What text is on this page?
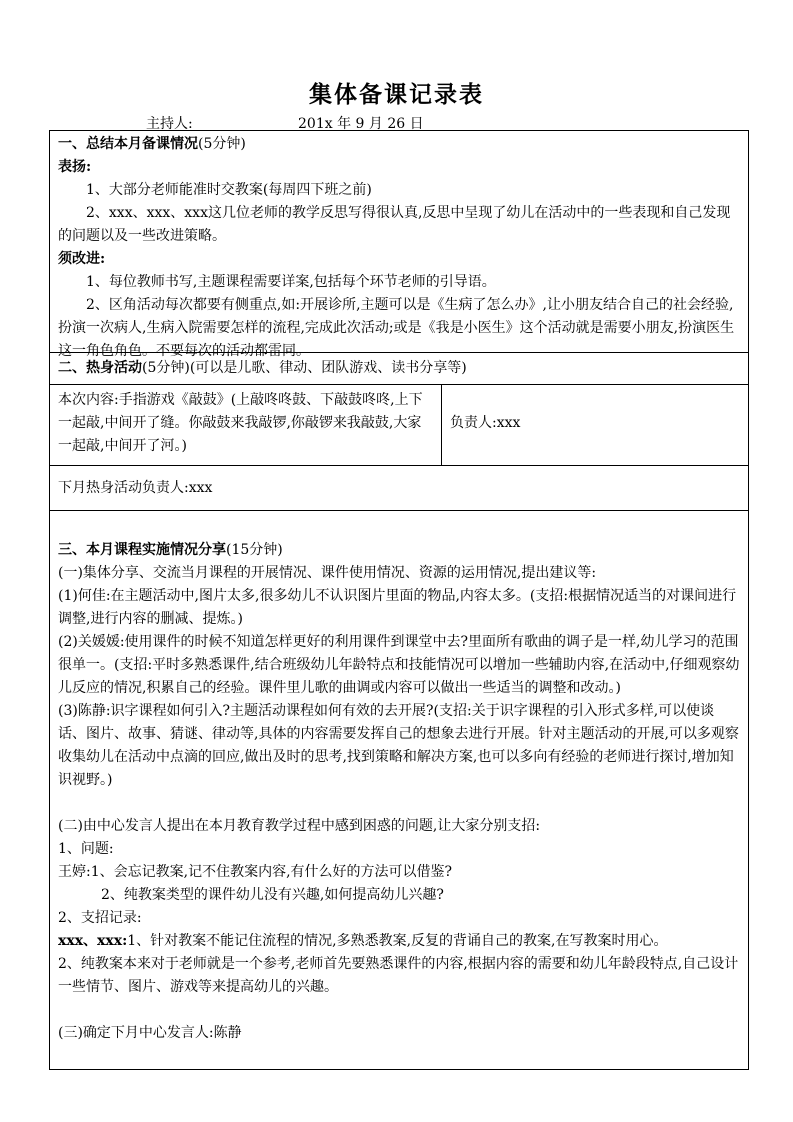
集体备课记录表
主持人:	201x 年 9 月 26 日

一、总结本月备课情况(5分钟)

表扬:

1、大部分老师能准时交教案(每周四下班之前)

2、xxx、xxx、xxx这几位老师的教学反思写得很认真,反思中呈现了幼儿在活动中的一些表现和自己发现的问题以及一些改进策略。

须改进:

1、每位教师书写,主题课程需要详案,包括每个环节老师的引导语。

2、区角活动每次都要有侧重点,如:开展诊所,主题可以是《生病了怎么办》,让小朋友结合自己的社会经验,扮演一次病人,生病入院需要怎样的流程,完成此次活动;或是《我是小医生》这个活动就是需要小朋友,扮演医生这一角色角色。不要每次的活动都雷同。

二、热身活动(5分钟)(可以是儿歌、律动、团队游戏、读书分享等)

本次内容:手指游戏《敲鼓》(上敲咚咚鼓、下敲鼓咚咚,上下一起敲,中间开了缝。你敲鼓来我敲锣,你敲锣来我敲鼓,大家一起敲,中间开了河。)
负责人:xxx
下月热身活动负责人:xxx

三、本月课程实施情况分享(15分钟)

(一)集体分享、交流当月课程的开展情况、课件使用情况、资源的运用情况,提出建议等:

(1)何佳:在主题活动中,图片太多,很多幼儿不认识图片里面的物品,内容太多。(支招:根据情况适当的对课间进行调整,进行内容的删减、提炼。)

(2)关媛媛:使用课件的时候不知道怎样更好的利用课件到课堂中去?里面所有歌曲的调子是一样,幼儿学习的范围很单一。(支招:平时多熟悉课件,结合班级幼儿年龄特点和技能情况可以增加一些辅助内容,在活动中,仔细观察幼儿反应的情况,积累自己的经验。课件里儿歌的曲调或内容可以做出一些适当的调整和改动。)

(3)陈静:识字课程如何引入?主题活动课程如何有效的去开展?(支招:关于识字课程的引入形式多样,可以使谈话、图片、故事、猜谜、律动等,具体的内容需要发挥自己的想象去进行开展。针对主题活动的开展,可以多观察收集幼儿在活动中点滴的回应,做出及时的思考,找到策略和解决方案,也可以多向有经验的老师进行探讨,增加知识视野。)

(二)由中心发言人提出在本月教育教学过程中感到困惑的问题,让大家分别支招:

1、问题:

王婷:1、会忘记教案,记不住教案内容,有什么好的方法可以借鉴?

2、纯教案类型的课件幼儿没有兴趣,如何提高幼儿兴趣?

2、支招记录:

xxx、xxx:1、针对教案不能记住流程的情况,多熟悉教案,反复的背诵自己的教案,在写教案时用心。

2、纯教案本来对于老师就是一个参考,老师首先要熟悉课件的内容,根据内容的需要和幼儿年龄段特点,自己设计一些情节、图片、游戏等来提高幼儿的兴趣。

(三)确定下月中心发言人:陈静
